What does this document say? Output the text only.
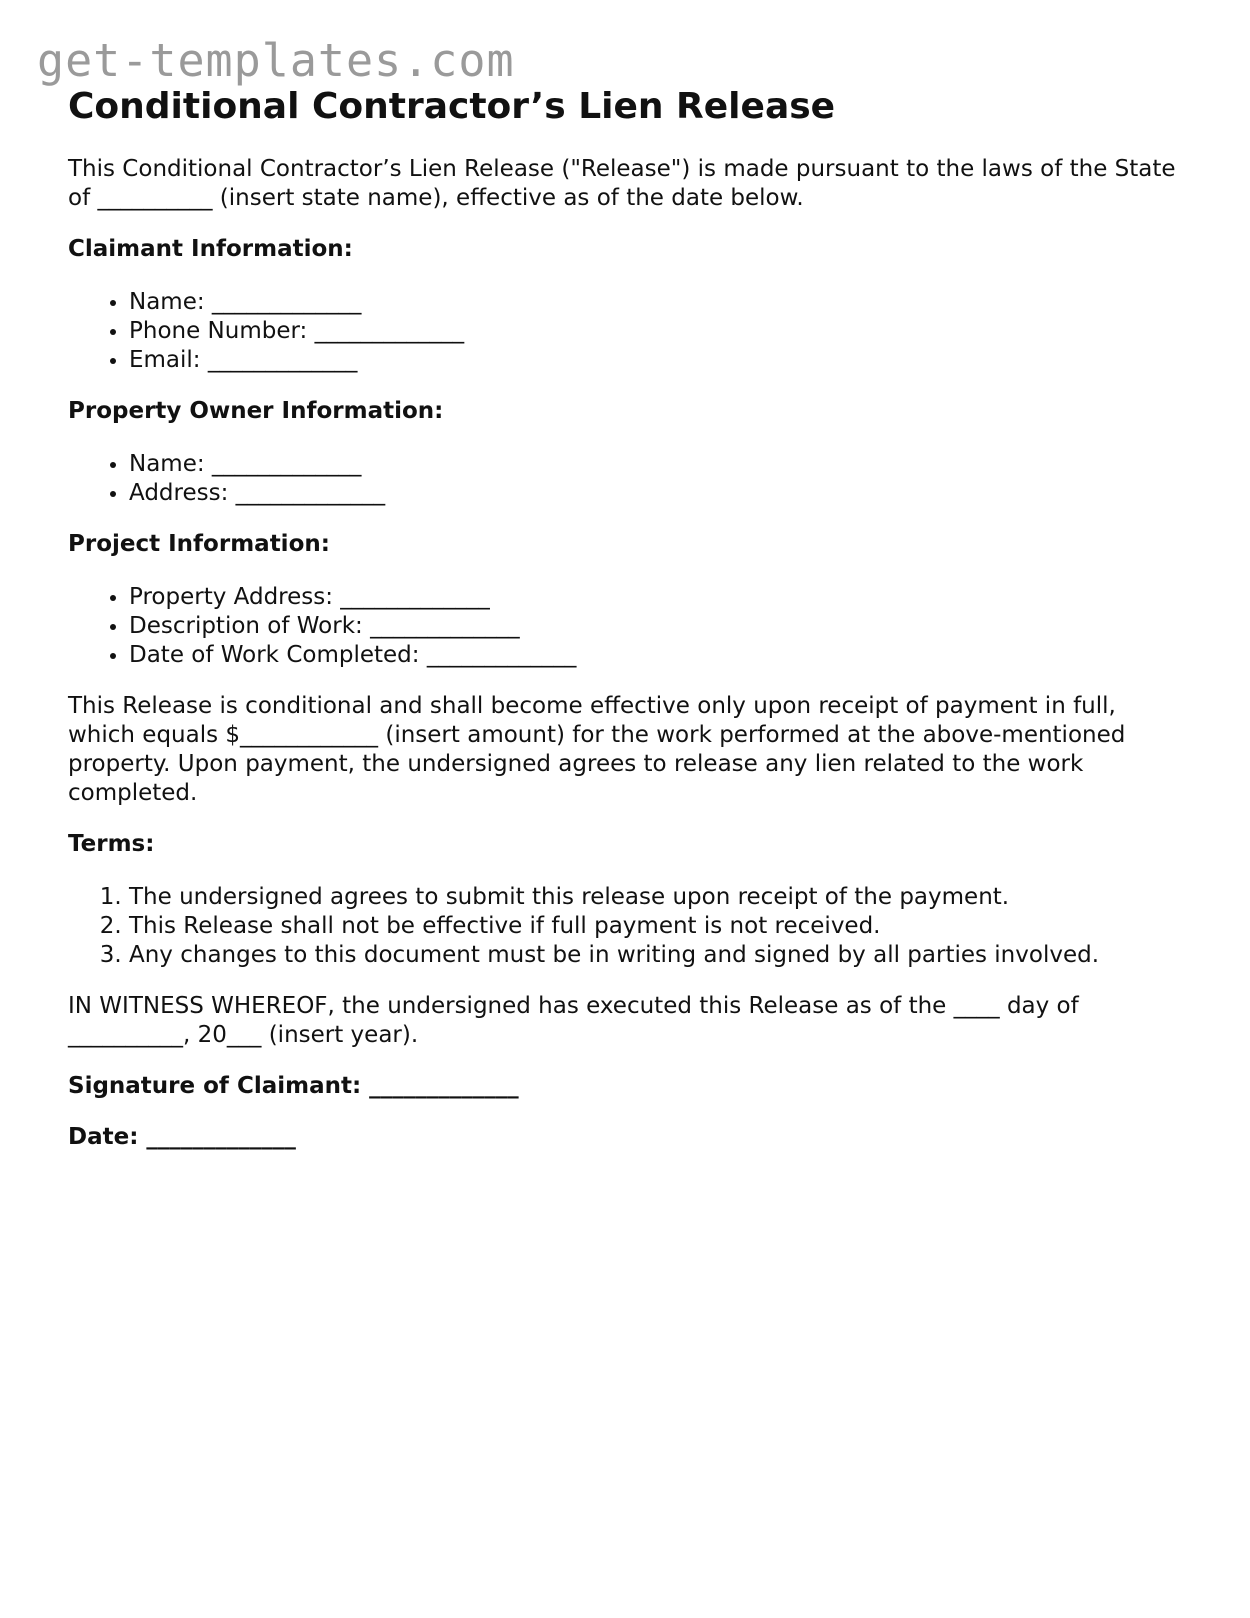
get-templates.com
Conditional Contractor’s Lien Release

This Conditional Contractor’s Lien Release ("Release") is made pursuant to the laws of the State of __________ (insert state name), effective as of the date below.

Claimant Information:
• Name: _____________
• Phone Number: _____________
• Email: _____________
Property Owner Information:
• Name: _____________
• Address: _____________
Project Information:
• Property Address: _____________
• Description of Work: _____________
• Date of Work Completed: _____________

This Release is conditional and shall become effective only upon receipt of payment in full, which equals $____________ (insert amount) for the work performed at the above-mentioned property. Upon payment, the undersigned agrees to release any lien related to the work completed.

Terms:
1. The undersigned agrees to submit this release upon receipt of the payment.
2. This Release shall not be effective if full payment is not received.
3. Any changes to this document must be in writing and signed by all parties involved.

IN WITNESS WHEREOF, the undersigned has executed this Release as of the ____ day of __________, 20___ (insert year).

Signature of Claimant: _____________
Date: _____________
